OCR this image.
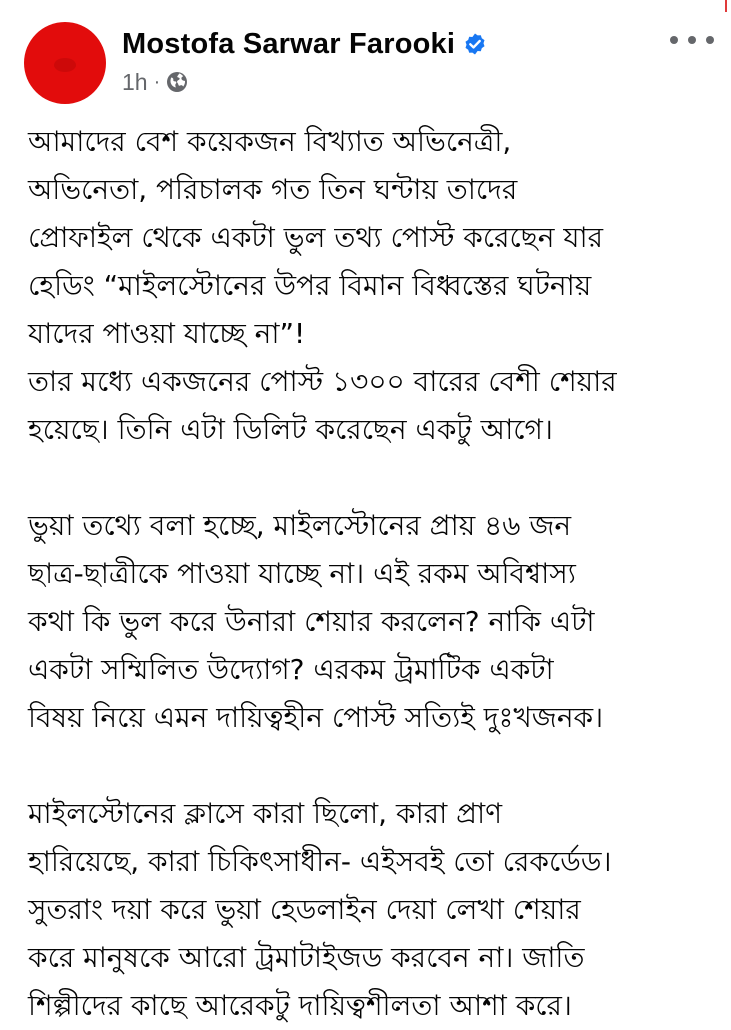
Mostofa Sarwar Farooki
1h ·
আমাদের বেশ কয়েকজন বিখ্যাত অভিনেত্রী,
অভিনেতা, পরিচালক গত তিন ঘন্টায় তাদের
প্রোফাইল থেকে একটা ভুল তথ্য পোস্ট করেছেন যার
হেডিং “মাইলস্টোনের উপর বিমান বিধ্বস্তের ঘটনায়
যাদের পাওয়া যাচ্ছে না”!
তার মধ্যে একজনের পোস্ট ১৩০০ বারের বেশী শেয়ার
হয়েছে। তিনি এটা ডিলিট করেছেন একটু আগে।
ভুয়া তথ্যে বলা হচ্ছে, মাইলস্টোনের প্রায় ৪৬ জন
ছাত্র-ছাত্রীকে পাওয়া যাচ্ছে না। এই রকম অবিশ্বাস্য
কথা কি ভুল করে উনারা শেয়ার করলেন? নাকি এটা
একটা সম্মিলিত উদ্যোগ? এরকম ট্রমাটিক একটা
বিষয় নিয়ে এমন দায়িত্বহীন পোস্ট সত্যিই দুঃখজনক।
মাইলস্টোনের ক্লাসে কারা ছিলো, কারা প্রাণ
হারিয়েছে, কারা চিকিৎসাধীন- এইসবই তো রেকর্ডেড।
সুতরাং দয়া করে ভুয়া হেডলাইন দেয়া লেখা শেয়ার
করে মানুষকে আরো ট্রমাটাইজড করবেন না। জাতি
শিল্পীদের কাছে আরেকটু দায়িত্বশীলতা আশা করে।
